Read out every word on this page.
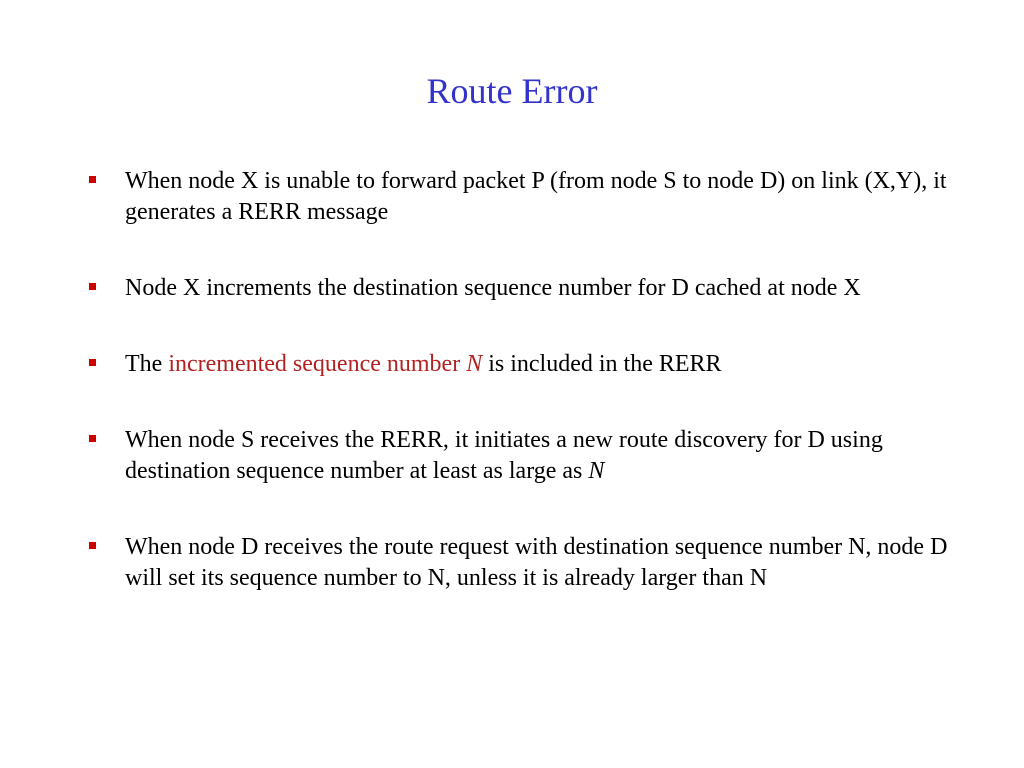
Route Error
When node X is unable to forward packet P (from node S to node D) on link (X,Y), it generates a RERR message
Node X increments the destination sequence number for D cached at node X
The incremented sequence number N is included in the RERR
When node S receives the RERR, it initiates a new route discovery for D using destination sequence number at least as large as N
When node D receives the route request with destination sequence number N, node D will set its sequence number to N, unless it is already larger than N
